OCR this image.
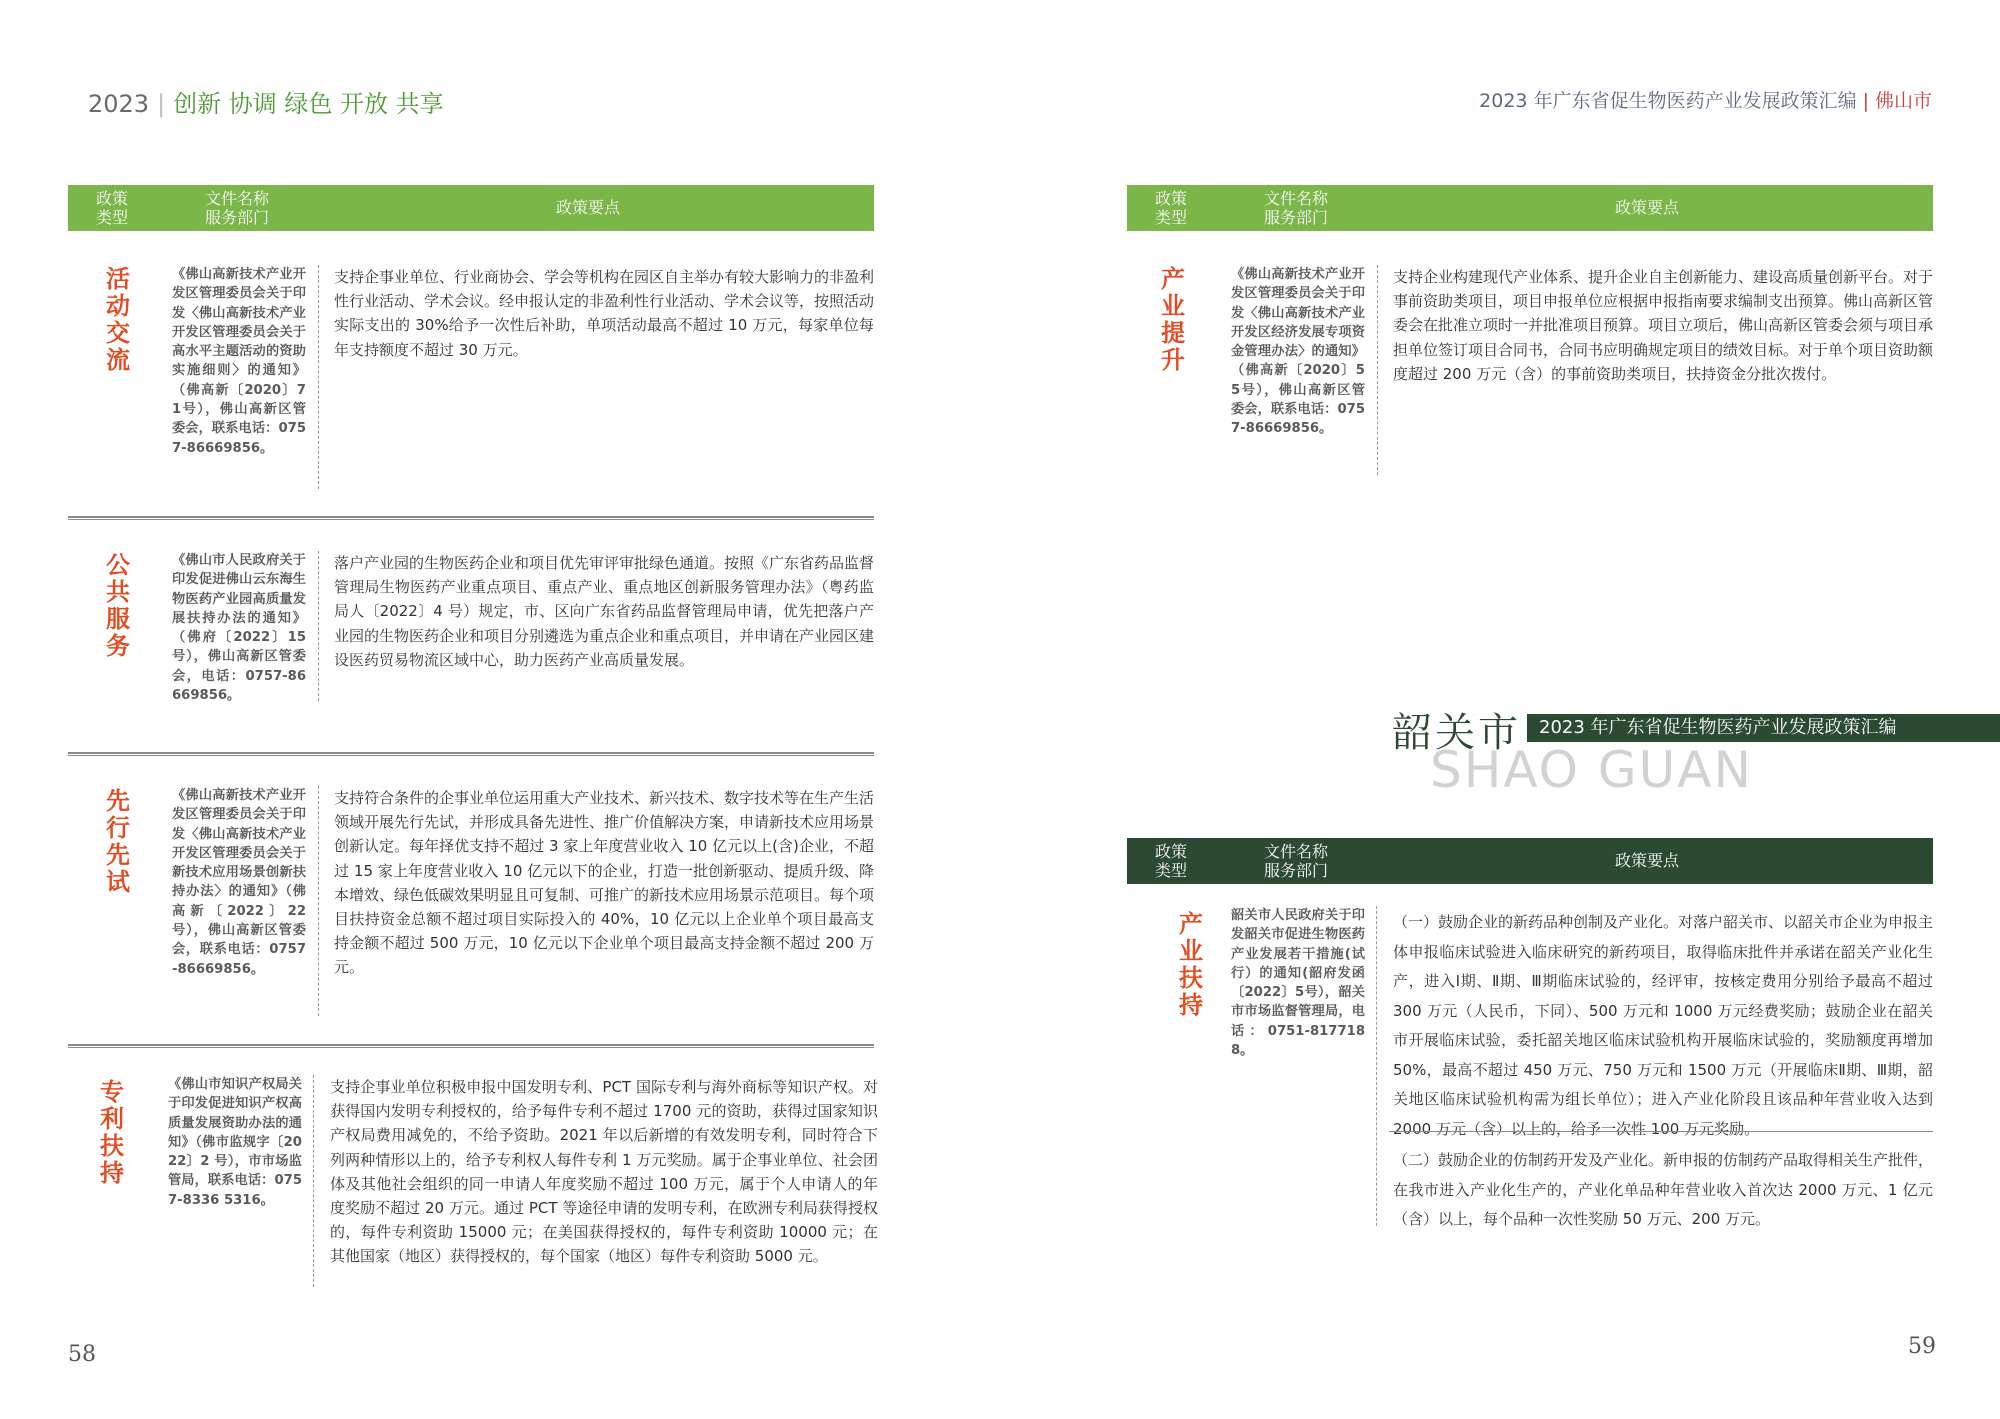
2023 | 创新 协调 绿色 开放 共享
政策
类型
文件名称
服务部门
政策要点
活动交流
《佛山高新技术产业开发区管理委员会关于印发〈佛山高新技术产业开发区管理委员会关于高水平主题活动的资助实施细则〉的通知》（佛高新〔2020〕71号），佛山高新区管委会，联系电话：0757-86669856。
支持企事业单位、行业商协会、学会等机构在园区自主举办有较大影响力的非盈利性行业活动、学术会议。经申报认定的非盈利性行业活动、学术会议等，按照活动实际支出的 30%给予一次性后补助，单项活动最高不超过 10 万元，每家单位每年支持额度不超过 30 万元。
公共服务
《佛山市人民政府关于印发促进佛山云东海生物医药产业园高质量发展扶持办法的通知》（佛府〔2022〕15号），佛山高新区管委会，电话：0757-86669856。
落户产业园的生物医药企业和项目优先审评审批绿色通道。按照《广东省药品监督管理局生物医药产业重点项目、重点产业、重点地区创新服务管理办法》（粤药监局人〔2022〕4 号）规定，市、区向广东省药品监督管理局申请，优先把落户产业园的生物医药企业和项目分别遴选为重点企业和重点项目，并申请在产业园区建设医药贸易物流区域中心，助力医药产业高质量发展。
先行先试
《佛山高新技术产业开发区管理委员会关于印发〈佛山高新技术产业开发区管理委员会关于新技术应用场景创新扶持办法〉的通知》（佛高新〔2022〕22号），佛山高新区管委会，联系电话：0757-86669856。
支持符合条件的企事业单位运用重大产业技术、新兴技术、数字技术等在生产生活领域开展先行先试，并形成具备先进性、推广价值解决方案，申请新技术应用场景创新认定。每年择优支持不超过 3 家上年度营业收入 10 亿元以上(含)企业，不超过 15 家上年度营业收入 10 亿元以下的企业，打造一批创新驱动、提质升级、降本增效、绿色低碳效果明显且可复制、可推广的新技术应用场景示范项目。每个项目扶持资金总额不超过项目实际投入的 40%，10 亿元以上企业单个项目最高支持金额不超过 500 万元，10 亿元以下企业单个项目最高支持金额不超过 200 万元。
专利扶持
《佛山市知识产权局关于印发促进知识产权高质量发展资助办法的通知》（佛市监规字〔2022〕2 号），市市场监管局，联系电话：0757-8336 5316。
支持企事业单位积极申报中国发明专利、PCT 国际专利与海外商标等知识产权。对获得国内发明专利授权的，给予每件专利不超过 1700 元的资助，获得过国家知识产权局费用减免的，不给予资助。2021 年以后新增的有效发明专利，同时符合下列两种情形以上的，给予专利权人每件专利 1 万元奖励。属于企事业单位、社会团体及其他社会组织的同一申请人年度奖励不超过 100 万元，属于个人申请人的年度奖励不超过 20 万元。通过 PCT 等途径申请的发明专利，在欧洲专利局获得授权的，每件专利资助 15000 元；在美国获得授权的，每件专利资助 10000 元；在其他国家（地区）获得授权的，每个国家（地区）每件专利资助 5000 元。
58
2023 年广东省促生物医药产业发展政策汇编 | 佛山市
政策
类型
文件名称
服务部门
政策要点
产业提升
《佛山高新技术产业开发区管理委员会关于印发〈佛山高新技术产业开发区经济发展专项资金管理办法〉的通知》（佛高新〔2020〕55号），佛山高新区管委会，联系电话：0757-86669856。
支持企业构建现代产业体系、提升企业自主创新能力、建设高质量创新平台。对于事前资助类项目，项目申报单位应根据申报指南要求编制支出预算。佛山高新区管委会在批准立项时一并批准项目预算。项目立项后，佛山高新区管委会须与项目承担单位签订项目合同书，合同书应明确规定项目的绩效目标。对于单个项目资助额度超过 200 万元（含）的事前资助类项目，扶持资金分批次拨付。
59
韶关市	2023 年广东省促生物医药产业发展政策汇编
SHAO GUAN
政策
类型
文件名称
服务部门
政策要点
产业扶持
韶关市人民政府关于印发韶关市促进生物医药产业发展若干措施(试行）的通知(韶府发函〔2022〕5号），韶关市市场监督管理局，电话：0751-8177188。
（一）鼓励企业的新药品种创制及产业化。对落户韶关市、以韶关市企业为申报主体申报临床试验进入临床研究的新药项目，取得临床批件并承诺在韶关产业化生产，进入Ⅰ期、Ⅱ期、Ⅲ期临床试验的，经评审，按核定费用分别给予最高不超过 300 万元（人民币，下同）、500 万元和 1000 万元经费奖励；鼓励企业在韶关市开展临床试验，委托韶关地区临床试验机构开展临床试验的，奖励额度再增加 50%，最高不超过 450 万元、750 万元和 1500 万元（开展临床Ⅱ期、Ⅲ期，韶关地区临床试验机构需为组长单位）；进入产业化阶段且该品种年营业收入达到 2000 万元（含）以上的，给予一次性 100 万元奖励。
（二）鼓励企业的仿制药开发及产业化。新申报的仿制药产品取得相关生产批件，在我市进入产业化生产的，产业化单品种年营业收入首次达 2000 万元、1 亿元（含）以上，每个品种一次性奖励 50 万元、200 万元。
